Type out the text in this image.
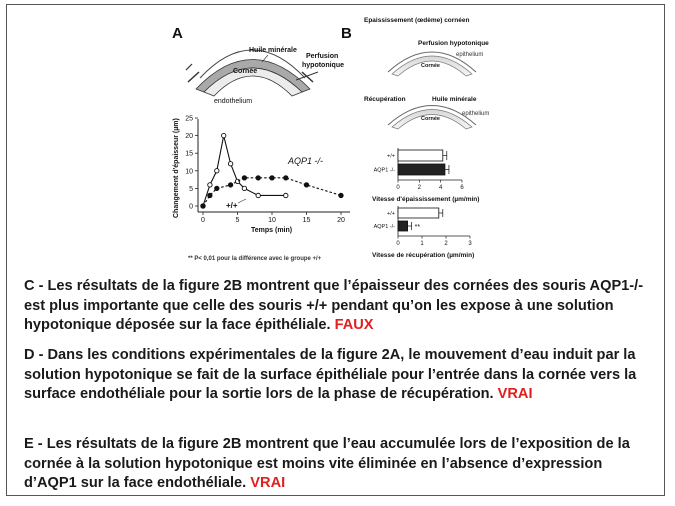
A	B
Huile minérale
Perfusion
hypotonique
Cornée
endothelium
0
5
10
15
20
25
0	5	10	15	20
Changement d'épaisseur (µm)
Temps (min)
AQP1 -/-
+/+
** P< 0,01 pour la différence avec le groupe +/+
Epaississement (œdème) cornéen
Perfusion hypotonique
epithelium
Cornée
Récupération	Huile minérale
epithelium
Cornée
0	2	4	6
+/+
AQP1 -/-
Vitesse d'épaississement (µm/min)
0	1	2	3
+/+
AQP1 -/-	**
Vitesse de récupération (µm/min)

C - Les résultats de la figure 2B montrent que l’épaisseur des cornées des souris AQP1-/- est plus importante que celle des souris +/+ pendant qu’on les expose à une solution hypotonique déposée sur la face épithéliale. FAUX

D - Dans les conditions expérimentales de la figure 2A, le mouvement d’eau induit par la solution hypotonique se fait de la surface épithéliale pour l’entrée dans la cornée vers la surface endothéliale pour la sortie lors de la phase de récupération. VRAI

E - Les résultats de la figure 2B montrent que l’eau accumulée lors de l’exposition de la cornée à la solution hypotonique est moins vite éliminée en l’absence d’expression d’AQP1 sur la face endothéliale. VRAI
